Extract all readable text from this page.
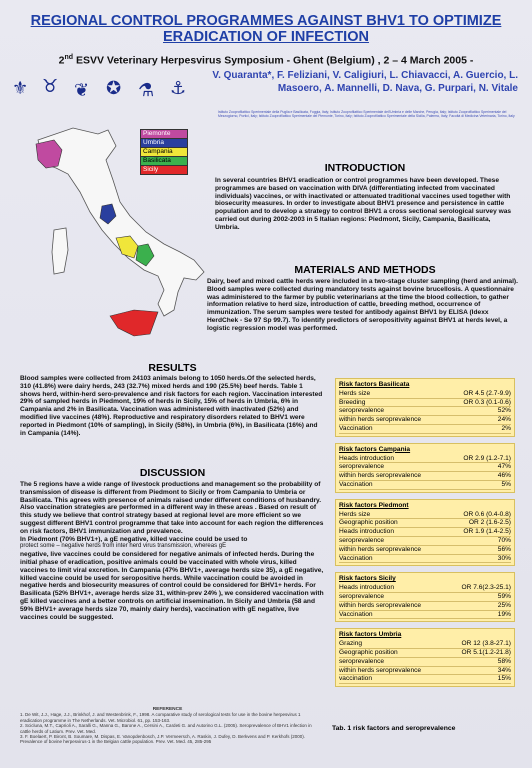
REGIONAL CONTROL PROGRAMMES AGAINST BHV1 TO OPTIMIZE ERADICATION OF INFECTION
2nd ESVV Veterinary Herpesvirus Symposium - Ghent (Belgium) , 2 – 4 March 2005 -
⚜ ♉ ❦ ✪ ⚗ ⚓
V. Quaranta*, F. Feliziani, V. Caligiuri, L. Chiavacci, A. Guercio, L. Masoero, A. Mannelli, D. Nava, G. Purpari, N. Vitale
Istituto Zooprofilattico Sperimentale della Puglia e Basilicata, Foggia, Italy; Istituto Zooprofilattico Sperimentale dell'Umbria e delle Marche, Perugia, Italy; Istituto Zooprofilattico Sperimentale del Mezzogiorno, Portici, Italy; Istituto Zooprofilattico Sperimentale del Piemonte, Torino, Italy; Istituto Zooprofilattico Sperimentale della Sicilia, Palermo, Italy; Facoltà di Medicina Veterinaria, Torino, Italy
Piemonte
Umbria
Campania
Basilicata
Sicily	INTRODUCTION
In several countries BHV1 eradication or control programmes have been developed. These programmes are based on vaccination with DIVA (differentiating infected from vaccinated individuals) vaccines, or with inactivated or attenuated traditional vaccines used together with biosecurity measures. In order to investigate about BHV1 presence and persistence in cattle population and to develop a strategy to control BHV1 a cross sectional serological survey was carried out during 2002-2003 in 5 Italian regions: Piedmont, Sicily, Campania, Basilicata, Umbria.
MATERIALS AND METHODS
Dairy, beef and mixed cattle herds were included in a two-stage cluster sampling (herd and animal). Blood samples were collected during mandatory tests against bovine brucellosis. A questionnaire was administered to the farmer by public veterinarians at the time the blood collection, to gather information relative to herd size, introduction of cattle, breeding method, occurrence of immunization. The serum samples were tested for antibody against BHV1 by ELISA (Idexx HerdChek - Se 97 Sp 99.7). To identify predictors of seropositivity against BHV1 at herds level, a logistic regression model was performed.
RESULTS
Blood samples were collected from 24103 animals belong to 1050 herds.Of the selected herds, 310 (41.8%) were dairy herds, 243 (32.7%) mixed herds and 190 (25.5%) beef herds. Table 1 shows herd, within-herd sero-prevalence and risk factors for each region. Vaccination interested 29% of sampled herds in Piedmont, 19% of herds in Sicily, 15% of herds in Umbria, 6% in Campania and 2% in Basilicata. Vaccination was administered with inactivated (52%) and modified live vaccines (48%). Reproductive and respiratory disorders related to BHV1 were reported in Piedmont (10% of sampling), in Sicily (58%), in Umbria (6%), in Basilicata (16%) and in Campania (14%).
DISCUSSION
The 5 regions have a wide range of livestock productions and management so the probability of transmission of disease is different from Piedmont to Sicily or from Campania to Umbria or Basilicata. This agrees with presence of animals raised under different conditions of husbandry. Also vaccination strategies are performed in a different way in these areas . Based on result of this study we believe that control strategy based at regional level are more efficient so we suggest different BHV1 control programme that take into account for each region the differences on risk factors, BHV1 immunization and prevalence.
In Piedmont (70% BHV1+), a gE negative, killed vaccine could be used to
protect some – negative herds from inter herd virus transmission, whereas gE
negative, live vaccines could be considered for negative animals of infected herds. During the initial phase of eradication, positive animals could be vaccinated with whole virus, killed vaccines to limit viral excretion. In Campania (47% BHV1+, average herds size 35), a gE negative, killed vaccine could be used for seropositive herds. While vaccination could be avoided in negative herds and biosecurity measures of control could be considered for BHV1+ herds. For Basilicata (52% BHV1+, average herds size 31, within-prev 24% ), we considered vaccination with gE killed vaccines and a better controls on artificial insemination. In Sicily and Umbria (58 and 59% BHV1+ average herds size 70, mainly dairy herds), vaccination with gE negative, live vaccines could be suggested.
REFERENCE
1. De Wit, J.J., Hage, J.J., Brinkhof, J. and Westenbrink, F., 1998. A comparative study of serological tests for use in the bovine herpesvirus 1 eradication programme in The Netherlands. Vet. Microbiol. 61, pp. 153-163.
2. Scicluna, M.T., Caprioli A., Saralli G., Manna G., Barone A., Cersini A., Cardeti G. and Autorino G.L. (2005). Seroprevalence of BHV1 infection in cattle herds of Latium. Prev. Vet. Med.
3. F. Boelaert, P. Biront, B. Soumare, M. Dispas, E. Vanopdenbosch, J.P. Vermeersch, A. Raskin, J. Dufey, D. Berkvens and P. Kerkhofs (2000). Prevalence of bovine herpesvirus-1 in the Belgian cattle population. Prev. Vet. Med. 45, 285-295
Risk factors Basilicata
Herds size	OR 4.5 (2.7-9.9)
Breeding	OR 0.3 (0.1-0.6)
seroprevalence	52%
within herds seroprevalence	24%
Vaccination	2%
Risk factors Campania
Heads introduction	OR 2.9 (1.2-7.1)
seroprevalence	47%
within herds seroprevalence	46%
Vaccination	5%
Risk factors Piedmont
Herds size	OR 0.6 (0.4-0.8)
Geographic position	OR 2 (1.6-2.5)
Heads introduction	OR 1.9 (1.4-2.5)
seroprevalence	70%
within herds seroprevalence	56%
Vaccination	30%
Risk factors Sicily
Heads introduction	OR 7.6(2.3-25.1)
seroprevalence	59%
within herds seroprevalence	25%
Vaccination	19%
Risk factors Umbria
Grazing	OR 12 (3.8-27.1)
Geographic position	OR 5.1(1.2-21.8)
seroprevalence	58%
within herds seroprevalence	34%
vaccination	15%
Tab. 1 risk factors and seroprevalence
